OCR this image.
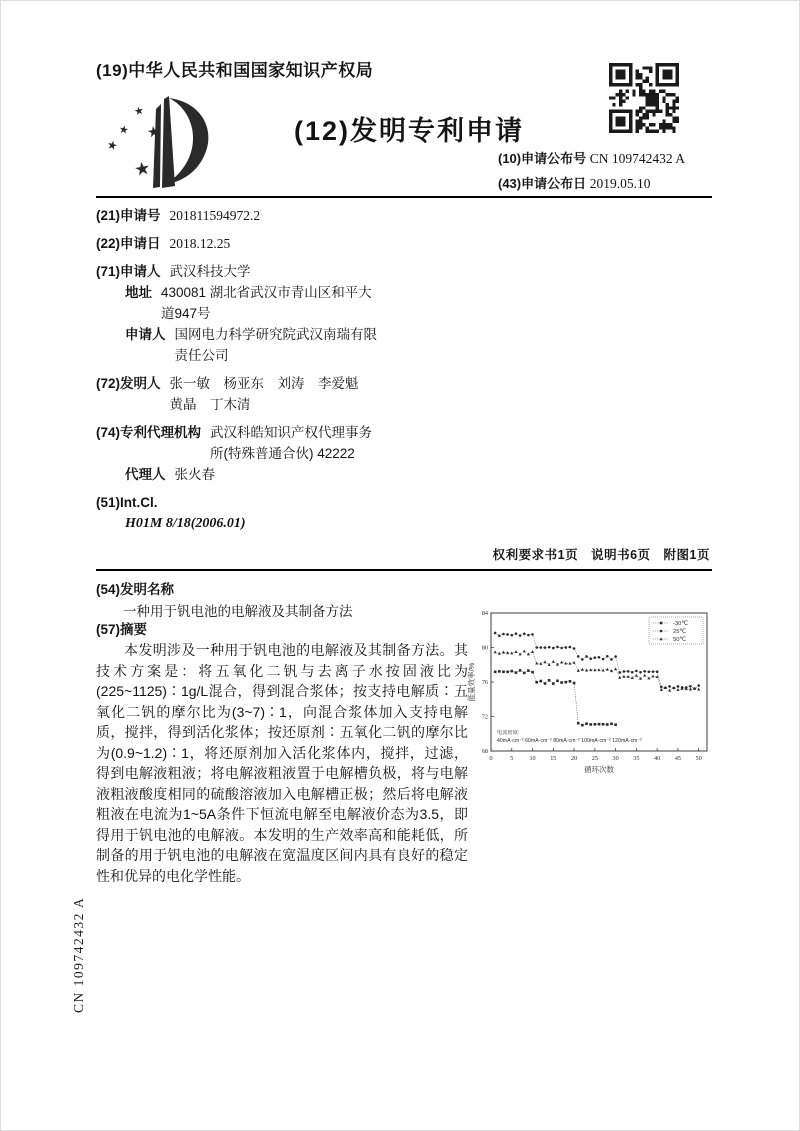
(19)中华人民共和国国家知识产权局
★
★ ★
★
★
(12)发明专利申请
(10)申请公布号 CN 109742432 A
(43)申请公布日 2019.05.10
(21)申请号 201811594972.2
(22)申请日 2018.12.25
(71)申请人 武汉科技大学
地址 430081 湖北省武汉市青山区和平大
道947号
申请人 国网电力科学研究院武汉南瑞有限
责任公司
(72)发明人 张一敏　杨亚东　刘涛　李爱魁
黄晶　丁木清
(74)专利代理机构 武汉科皓知识产权代理事务
所(特殊普通合伙) 42222
代理人 张火春
(51)Int.Cl.
H01M 8/18(2006.01)
权利要求书1页　说明书6页　附图1页
(54)发明名称
一种用于钒电池的电解液及其制备方法
(57)摘要
本发明涉及一种用于钒电池的电解液及其制备方法。其技术方案是：将五氧化二钒与去离子水按固液比为(225~1125)∶1g/L混合，得到混合浆体；按支持电解质∶五氧化二钒的摩尔比为(3~7)∶1，向混合浆体加入支持电解质，搅拌，得到活化浆体；按还原剂∶五氧化二钒的摩尔比为(0.9~1.2)∶1，将还原剂加入活化浆体内，搅拌，过滤，得到电解液粗液；将电解液粗液置于电解槽负极，将与电解液粗液酸度相同的硫酸溶液加入电解槽正极；然后将电解液粗液在电流为1~5A条件下恒流电解至电解液价态为3.5，即得用于钒电池的电解液。本发明的生产效率高和能耗低，所制备的用于钒电池的电解液在宽温度区间内具有良好的稳定性和优异的电化学性能。
0	5	10 15 20 25 30 35 40 45 50
68
72
76
80
84
循环次数
能量效率/%
电流密度:
40mA·cm⁻² 60mA·cm⁻² 80mA·cm⁻² 100mA·cm⁻² 120mA·cm⁻²
-30℃
25℃
50℃
CN 109742432 A
